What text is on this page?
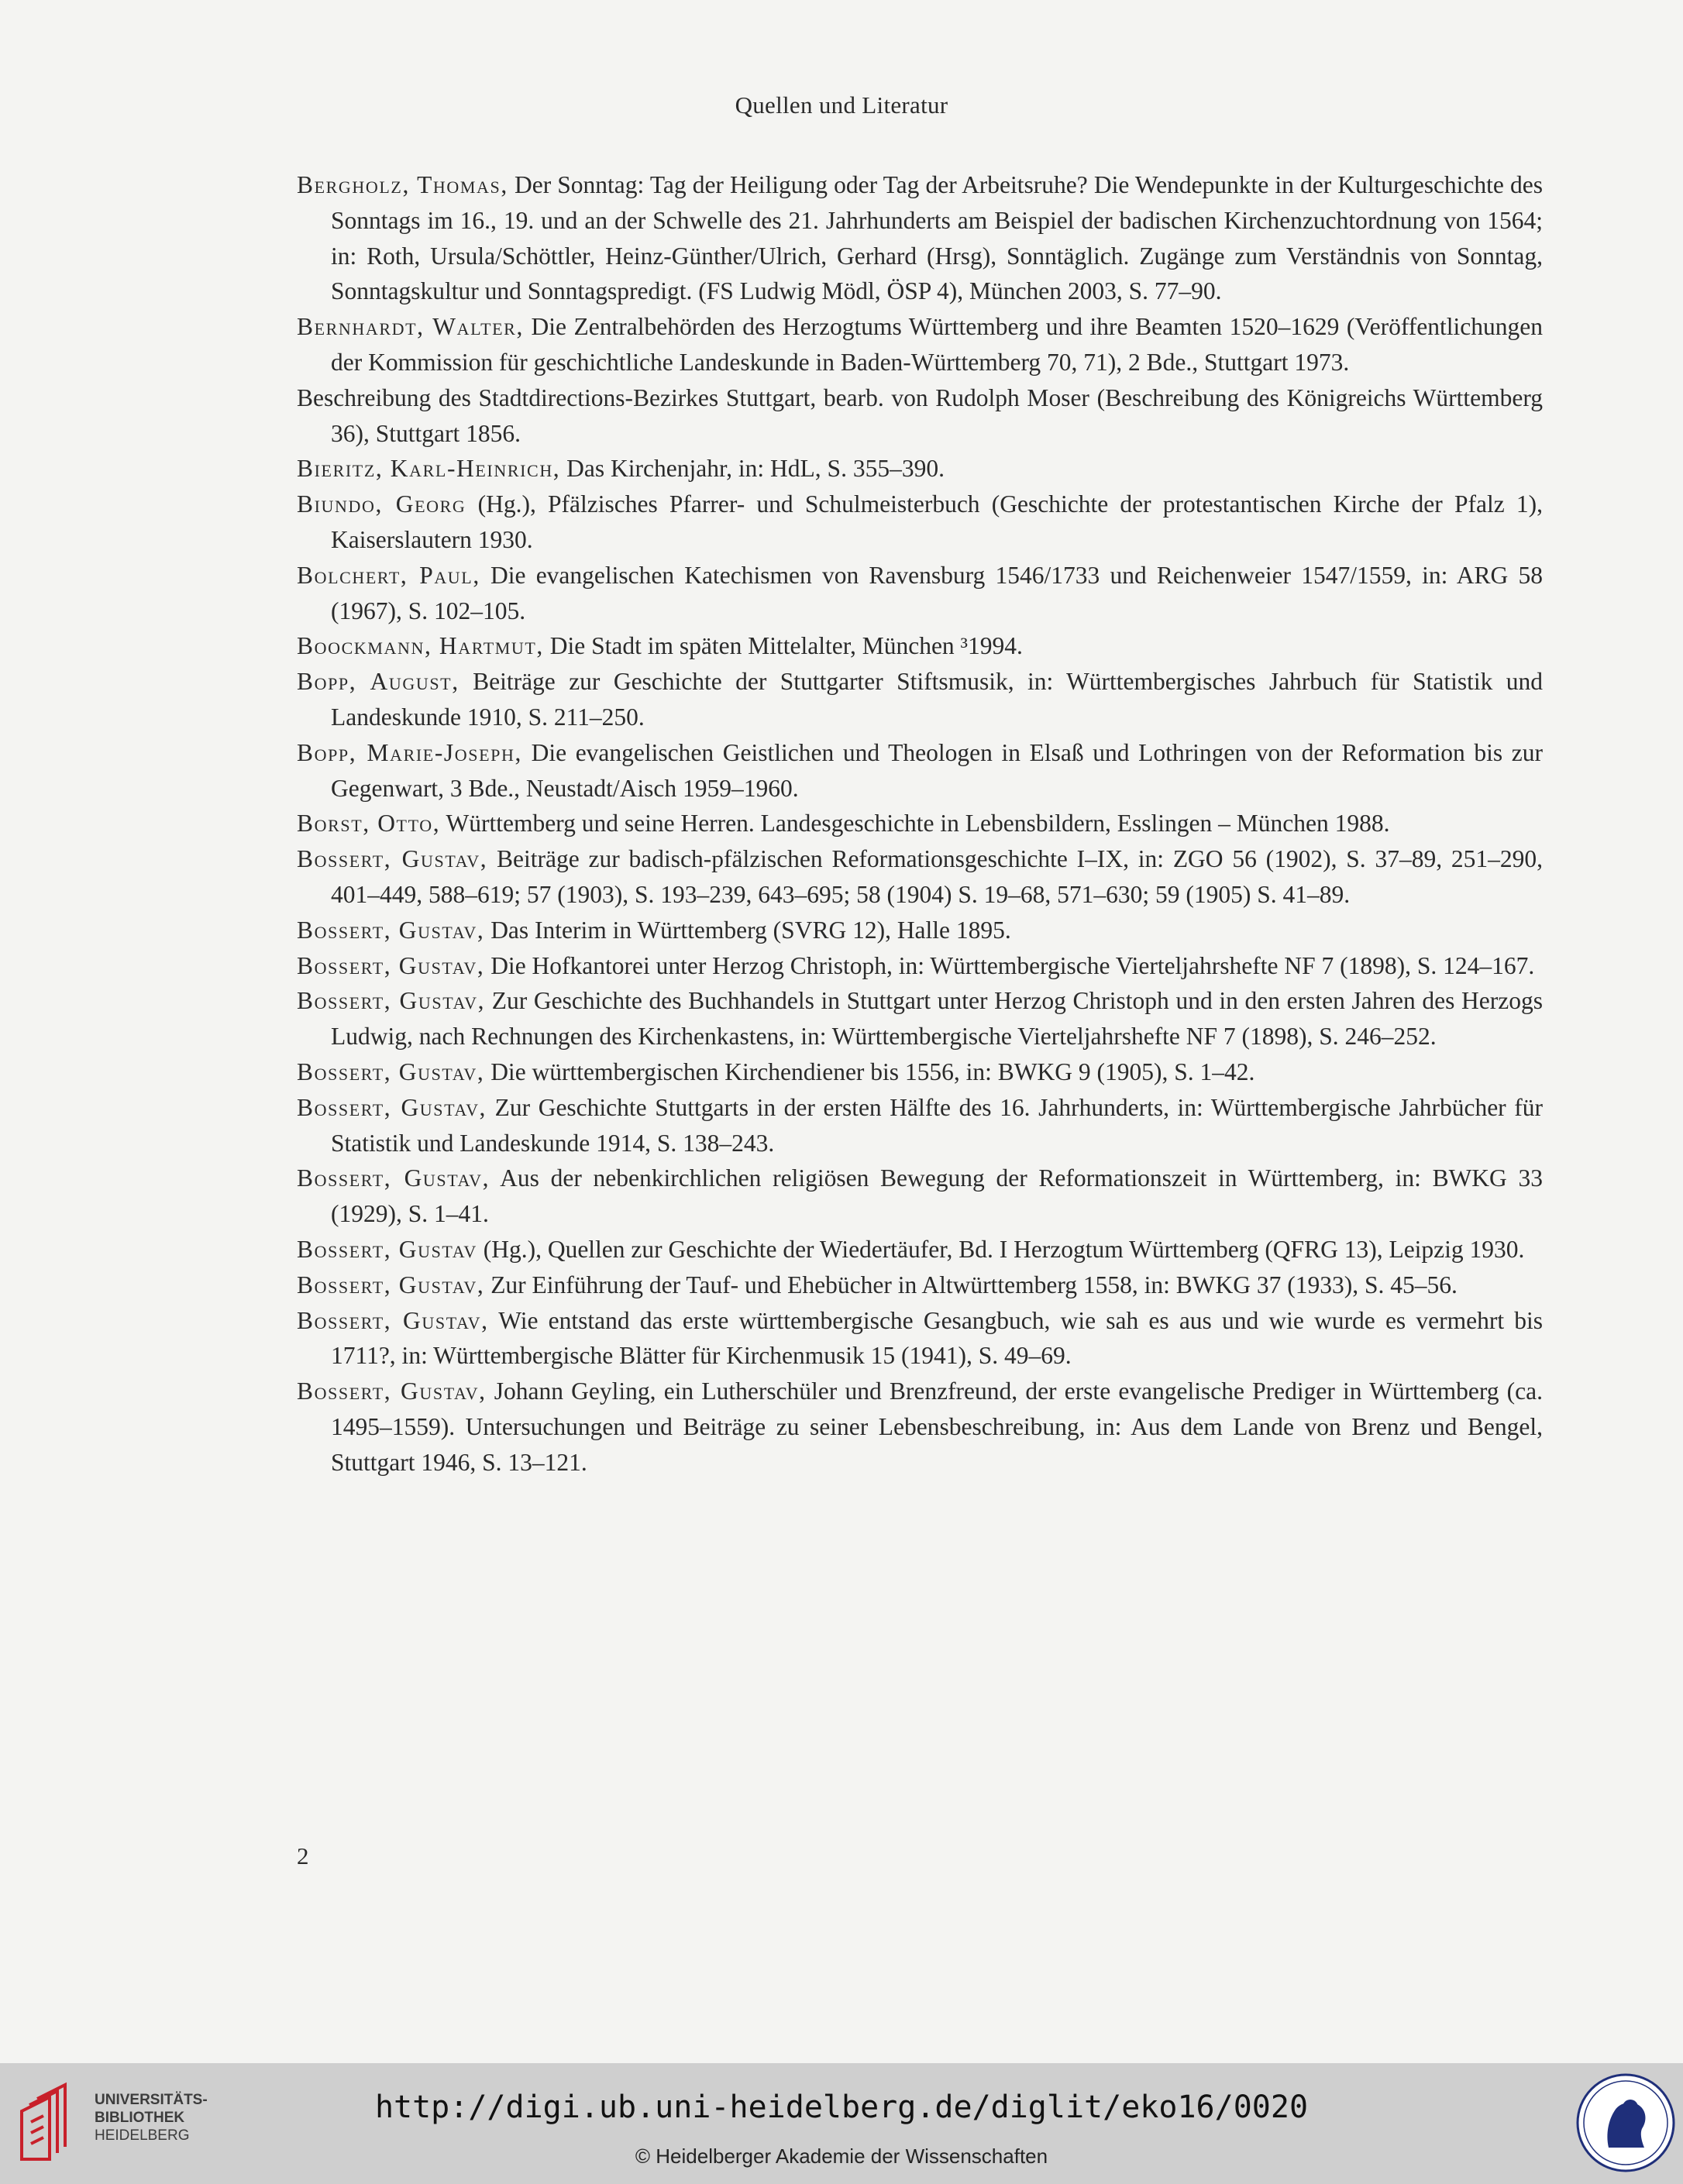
Quellen und Literatur

Bergholz, Thomas, Der Sonntag: Tag der Heiligung oder Tag der Arbeitsruhe? Die Wendepunkte in der Kulturgeschichte des Sonntags im 16., 19. und an der Schwelle des 21. Jahrhunderts am Beispiel der badischen Kirchenzuchtordnung von 1564; in: Roth, Ursula/Schöttler, Heinz-Günther/Ulrich, Gerhard (Hrsg), Sonntäglich. Zugänge zum Verständnis von Sonntag, Sonntagskultur und Sonntagspredigt. (FS Ludwig Mödl, ÖSP 4), München 2003, S. 77–90.

Bernhardt, Walter, Die Zentralbehörden des Herzogtums Württemberg und ihre Beamten 1520–1629 (Veröffentlichungen der Kommission für geschichtliche Landeskunde in Baden-Württemberg 70, 71), 2 Bde., Stuttgart 1973.

Beschreibung des Stadtdirections-Bezirkes Stuttgart, bearb. von Rudolph Moser (Beschreibung des Königreichs Württemberg 36), Stuttgart 1856.

Bieritz, Karl-Heinrich, Das Kirchenjahr, in: HdL, S. 355–390.

Biundo, Georg (Hg.), Pfälzisches Pfarrer- und Schulmeisterbuch (Geschichte der protestantischen Kirche der Pfalz 1), Kaiserslautern 1930.

Bolchert, Paul, Die evangelischen Katechismen von Ravensburg 1546/1733 und Reichenweier 1547/1559, in: ARG 58 (1967), S. 102–105.

Boockmann, Hartmut, Die Stadt im späten Mittelalter, München ³1994.

Bopp, August, Beiträge zur Geschichte der Stuttgarter Stiftsmusik, in: Württembergisches Jahrbuch für Statistik und Landeskunde 1910, S. 211–250.

Bopp, Marie-Joseph, Die evangelischen Geistlichen und Theologen in Elsaß und Lothringen von der Reformation bis zur Gegenwart, 3 Bde., Neustadt/Aisch 1959–1960.

Borst, Otto, Württemberg und seine Herren. Landesgeschichte in Lebensbildern, Esslingen – München 1988.

Bossert, Gustav, Beiträge zur badisch-pfälzischen Reformationsgeschichte I–IX, in: ZGO 56 (1902), S. 37–89, 251–290, 401–449, 588–619; 57 (1903), S. 193–239, 643–695; 58 (1904) S. 19–68, 571–630; 59 (1905) S. 41–89.

Bossert, Gustav, Das Interim in Württemberg (SVRG 12), Halle 1895.

Bossert, Gustav, Die Hofkantorei unter Herzog Christoph, in: Württembergische Vierteljahrshefte NF 7 (1898), S. 124–167.

Bossert, Gustav, Zur Geschichte des Buchhandels in Stuttgart unter Herzog Christoph und in den ersten Jahren des Herzogs Ludwig, nach Rechnungen des Kirchenkastens, in: Württembergische Vierteljahrshefte NF 7 (1898), S. 246–252.

Bossert, Gustav, Die württembergischen Kirchendiener bis 1556, in: BWKG 9 (1905), S. 1–42.

Bossert, Gustav, Zur Geschichte Stuttgarts in der ersten Hälfte des 16. Jahrhunderts, in: Württembergische Jahrbücher für Statistik und Landeskunde 1914, S. 138–243.

Bossert, Gustav, Aus der nebenkirchlichen religiösen Bewegung der Reformationszeit in Württemberg, in: BWKG 33 (1929), S. 1–41.

Bossert, Gustav (Hg.), Quellen zur Geschichte der Wiedertäufer, Bd. I Herzogtum Württemberg (QFRG 13), Leipzig 1930.

Bossert, Gustav, Zur Einführung der Tauf- und Ehebücher in Altwürttemberg 1558, in: BWKG 37 (1933), S. 45–56.

Bossert, Gustav, Wie entstand das erste württembergische Gesangbuch, wie sah es aus und wie wurde es vermehrt bis 1711?, in: Württembergische Blätter für Kirchenmusik 15 (1941), S. 49–69.

Bossert, Gustav, Johann Geyling, ein Lutherschüler und Brenzfreund, der erste evangelische Prediger in Württemberg (ca. 1495–1559). Untersuchungen und Beiträge zu seiner Lebensbeschreibung, in: Aus dem Lande von Brenz und Bengel, Stuttgart 1946, S. 13–121.

2
UNIVERSITÄTS-
BIBLIOTHEK
HEIDELBERG
http://digi.ub.uni-heidelberg.de/diglit/eko16/0020
© Heidelberger Akademie der Wissenschaften
